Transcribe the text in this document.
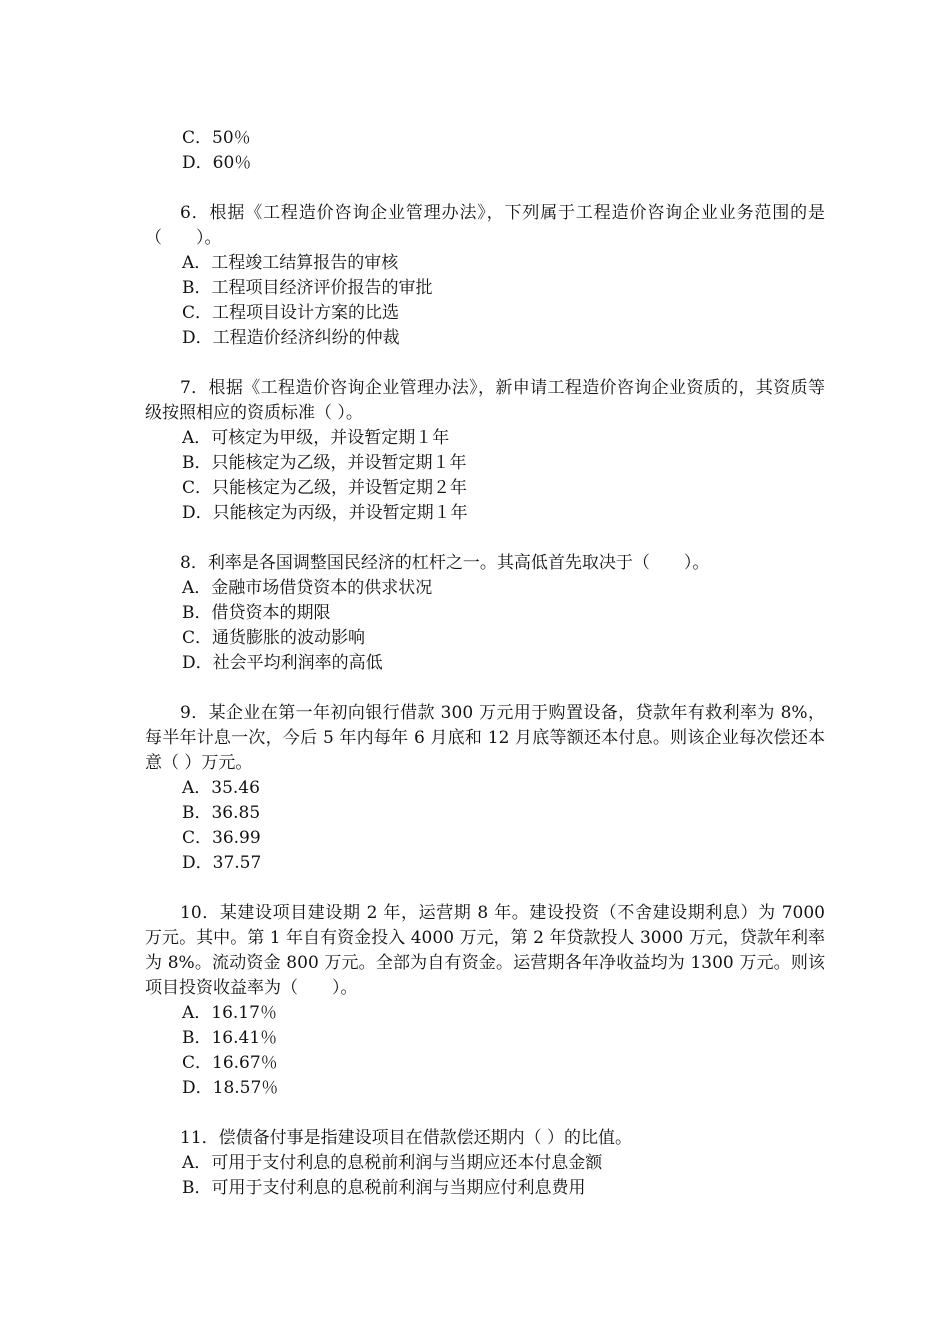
C．50％
D．60％
6．根据《工程造价咨询企业管理办法》，下列属于工程造价咨询企业业务范围的是（　　）。
A．工程竣工结算报告的审核
B．工程项目经济评价报告的审批
C．工程项目设计方案的比选
D．工程造价经济纠纷的仲裁
7．根据《工程造价咨询企业管理办法》，新申请工程造价咨询企业资质的，其资质等级按照相应的资质标准（ ）。
A．可核定为甲级，并设暂定期１年
B．只能核定为乙级，并设暂定期１年
C．只能核定为乙级，并设暂定期２年
D．只能核定为丙级，并设暂定期１年
8．利率是各国调整国民经济的杠杆之一。其高低首先取决于（　　）。
A．金融市场借贷资本的供求状况
B．借贷资本的期限
C．通货膨胀的波动影响
D．社会平均利润率的高低
9．某企业在第一年初向银行借款 300 万元用于购置设备，贷款年有救利率为 8%，每半年计息一次，今后 5 年内每年 6 月底和 12 月底等额还本付息。则该企业每次偿还本意（ ）万元。
A．35.46
B．36.85
C．36.99
D．37.57
10．某建设项目建设期 2 年，运营期 8 年。建设投资（不舍建设期利息）为 7000 万元。其中。第 1 年自有资金投入 4000 万元，第 2 年贷款投人 3000 万元，贷款年利率为 8%。流动资金 800 万元。全部为自有资金。运营期各年净收益均为 1300 万元。则该项目投资收益率为（　　）。
A．16.17％
B．16.41％
C．16.67％
D．18.57％
11．偿债备付事是指建设项目在借款偿还期内（ ）的比值。
A．可用于支付利息的息税前利润与当期应还本付息金额
B．可用于支付利息的息税前利润与当期应付利息费用
